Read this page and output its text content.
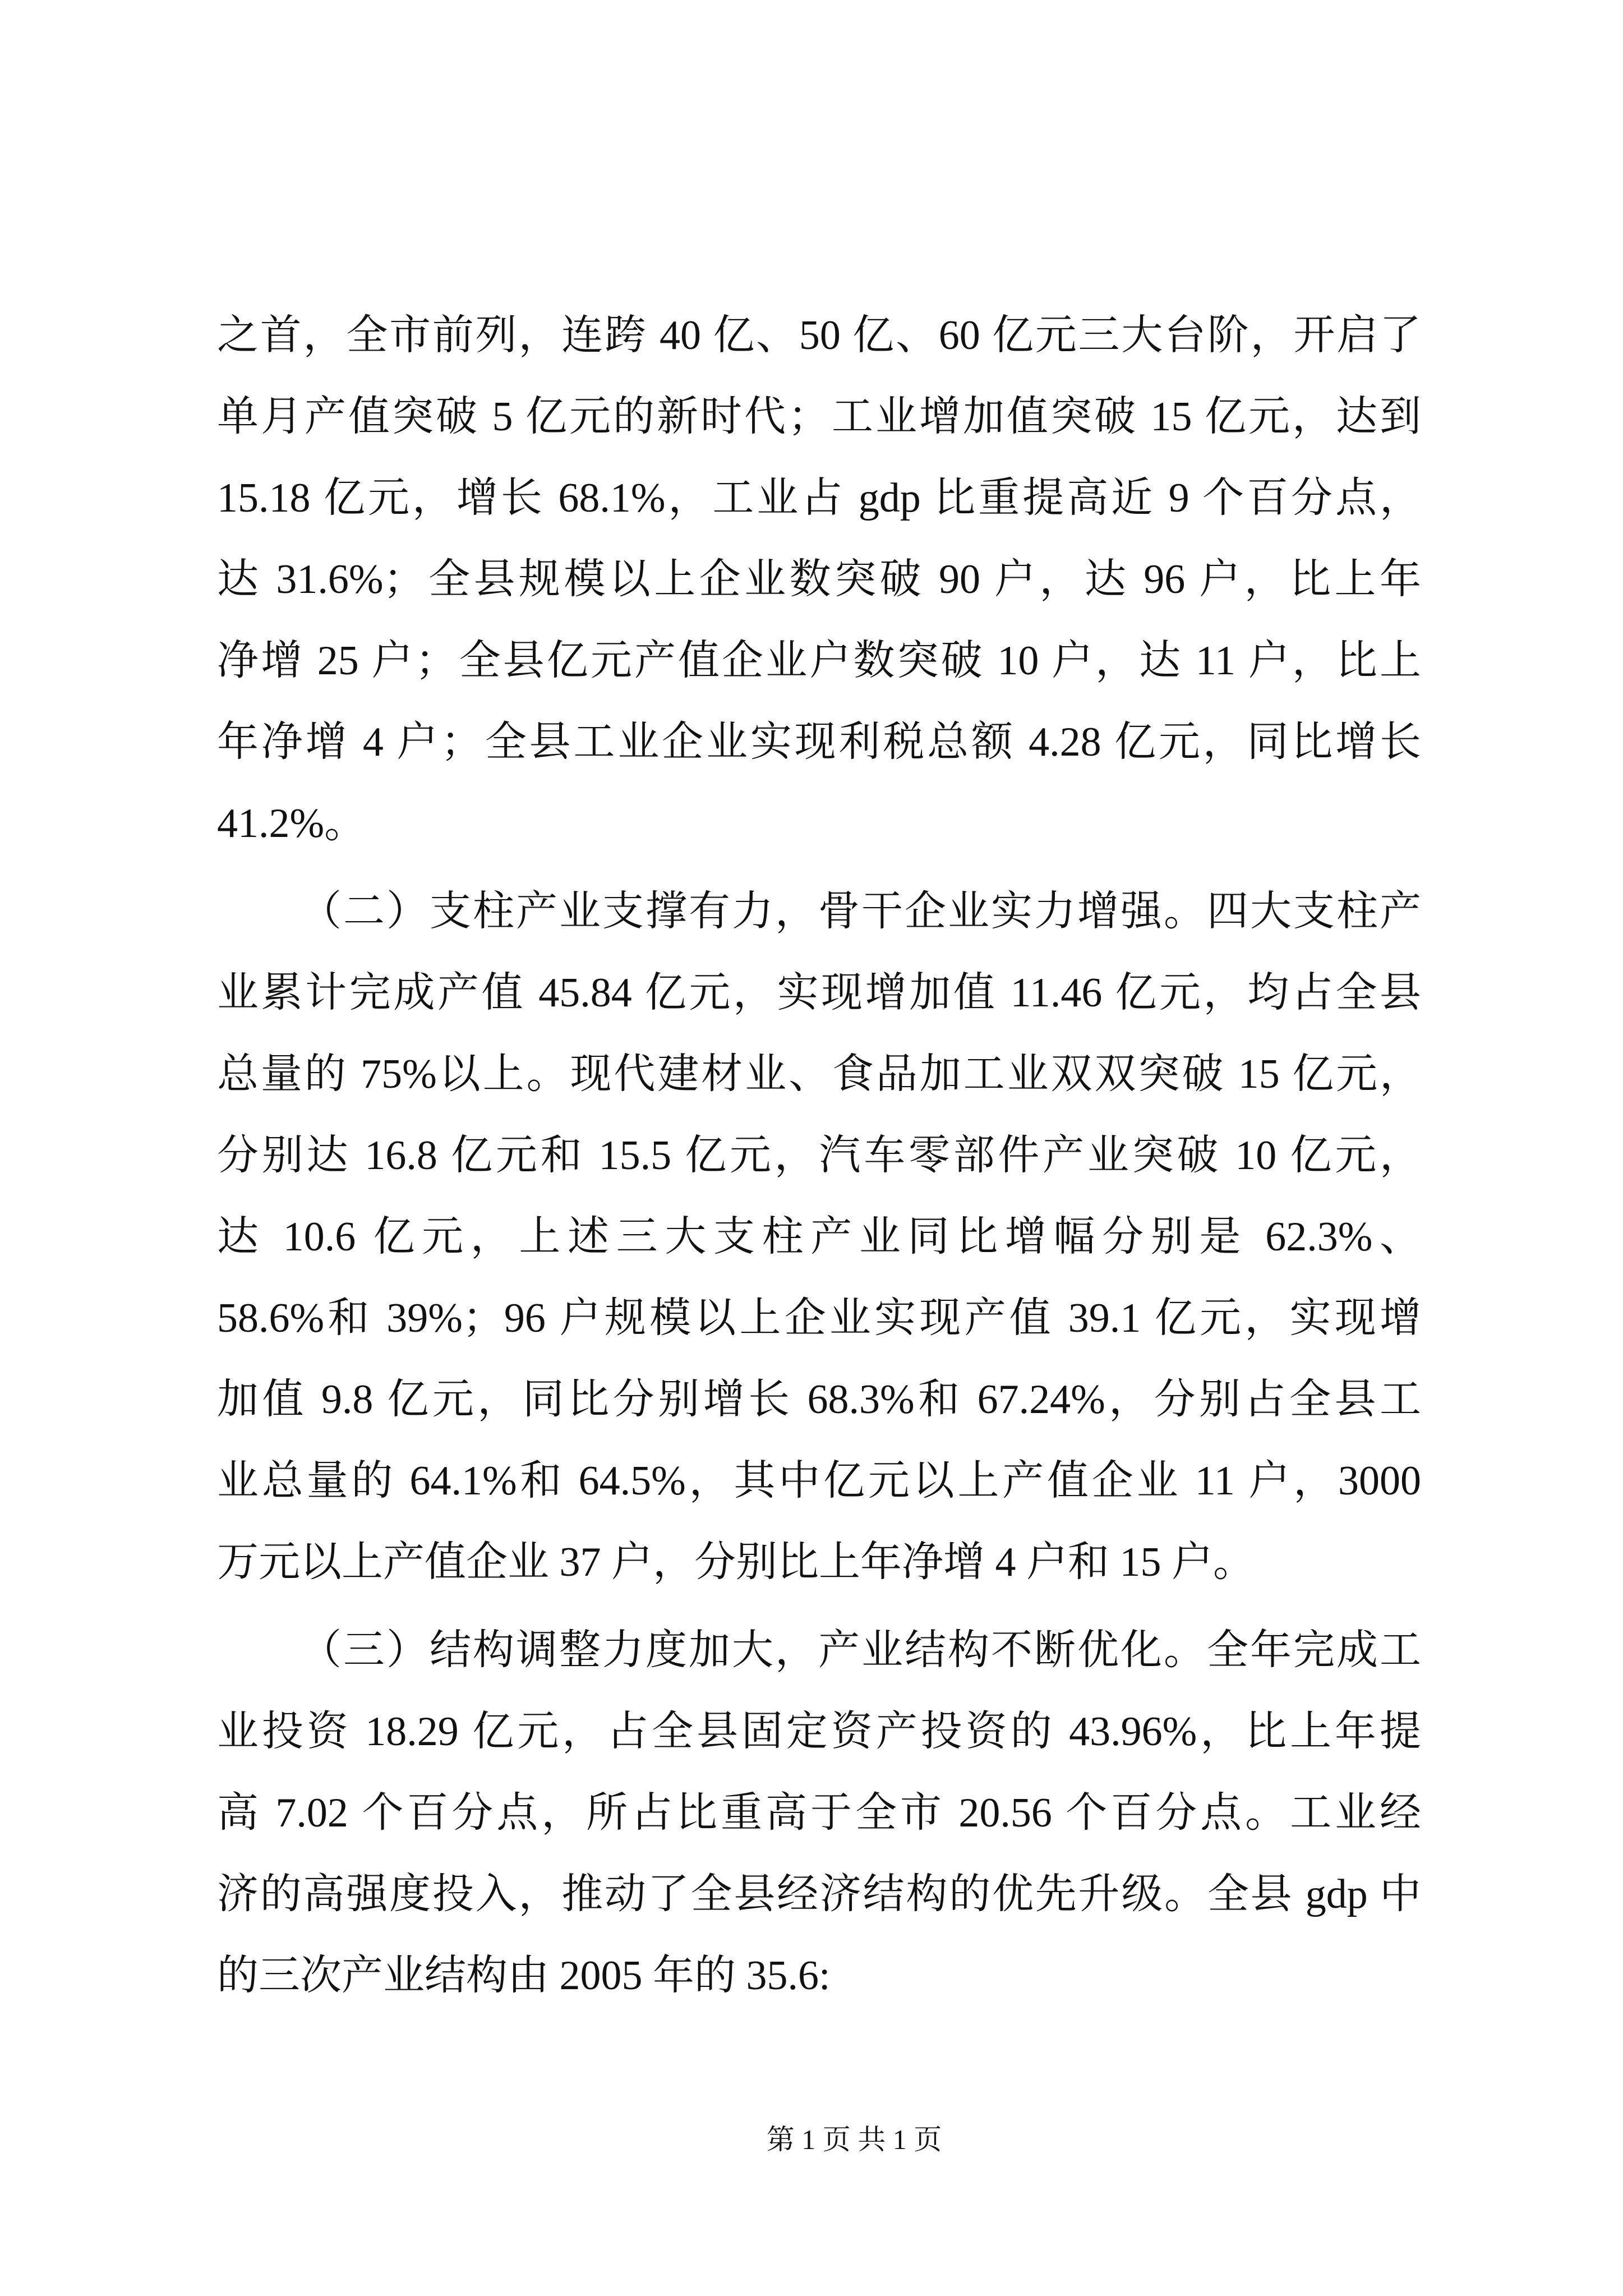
之首，全市前列，连跨 40 亿、50 亿、60 亿元三大台阶，开启了
单月产值突破 5 亿元的新时代；工业增加值突破 15 亿元，达到
15.18 亿元，增长 68.1%，工业占 gdp 比重提高近 9 个百分点，
达 31.6%；全县规模以上企业数突破 90 户，达 96 户，比上年
净增 25 户；全县亿元产值企业户数突破 10 户，达 11 户，比上
年净增 4 户；全县工业企业实现利税总额 4.28 亿元，同比增长
41.2%。
（二）支柱产业支撑有力，骨干企业实力增强。四大支柱产
业累计完成产值 45.84 亿元，实现增加值 11.46 亿元，均占全县
总量的 75%以上。现代建材业、食品加工业双双突破 15 亿元，
分别达 16.8 亿元和 15.5 亿元，汽车零部件产业突破 10 亿元，
达 10.6 亿元，上述三大支柱产业同比增幅分别是 62.3%、
58.6%和 39%；96 户规模以上企业实现产值 39.1 亿元，实现增
加值 9.8 亿元，同比分别增长 68.3%和 67.24%，分别占全县工
业总量的 64.1%和 64.5%，其中亿元以上产值企业 11 户，3000
万元以上产值企业 37 户，分别比上年净增 4 户和 15 户。
（三）结构调整力度加大，产业结构不断优化。全年完成工
业投资 18.29 亿元，占全县固定资产投资的 43.96%，比上年提
高 7.02 个百分点，所占比重高于全市 20.56 个百分点。工业经
济的高强度投入，推动了全县经济结构的优先升级。全县 gdp 中
的三次产业结构由 2005 年的 35.6:
第 1 页 共 1 页
